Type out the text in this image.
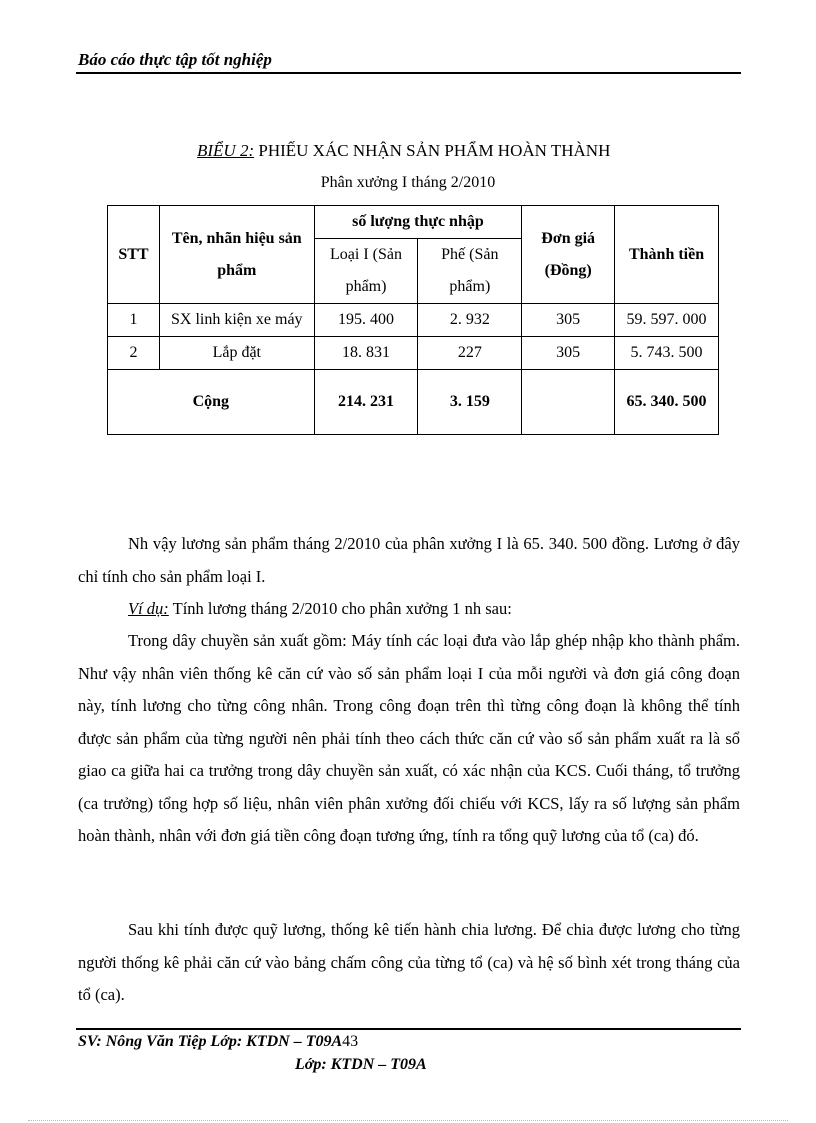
Báo cáo thực tập tốt nghiệp
BIỂU 2: PHIẾU XÁC NHẬN SẢN PHẨM HOÀN THÀNH
Phân xưởng I tháng 2/2010
STT	Tên, nhãn hiệu sản phẩm	số lượng thực nhập		Đơn giá (Đồng)	Thành tiền
		Loại I (Sản phẩm)	Phế (Sản phẩm)		
1	SX linh kiện xe máy	195. 400	2. 932	305	59. 597. 000
2	Lắp đặt	18. 831	227	305	5. 743. 500
Cộng		214. 231	3. 159		65. 340. 500
Nh vậy lương sản phẩm tháng 2/2010 của phân xưởng I là 65. 340. 500 đồng. Lương ở đây chỉ tính cho sản phẩm loại I.
Ví dụ: Tính lương tháng 2/2010 cho phân xưởng 1 nh sau:
Trong dây chuyền sản xuất gồm: Máy tính các loại đưa vào lắp ghép nhập kho thành phẩm. Như vậy nhân viên thống kê căn cứ vào số sản phẩm loại I của mỗi người và đơn giá công đoạn này, tính lương cho từng công nhân. Trong công đoạn trên thì từng công đoạn là không thể tính được sản phẩm của từng người nên phải tính theo cách thức căn cứ vào số sản phẩm xuất ra là sổ giao ca giữa hai ca trưởng trong dây chuyền sản xuất, có xác nhận của KCS. Cuối tháng, tổ trưởng (ca trưởng) tổng hợp số liệu, nhân viên phân xưởng đối chiếu với KCS, lấy ra số lượng sản phẩm hoàn thành, nhân với đơn giá tiền công đoạn tương ứng, tính ra tổng quỹ lương của tổ (ca) đó.
Sau khi tính được quỹ lương, thống kê tiến hành chia lương. Để chia được lương cho từng người thống kê phải căn cứ vào bảng chấm công của từng tổ (ca) và hệ số bình xét trong tháng của tổ (ca).
SV: Nông Văn Tiệp Lớp: KTDN – T09A43
Lớp: KTDN – T09A
